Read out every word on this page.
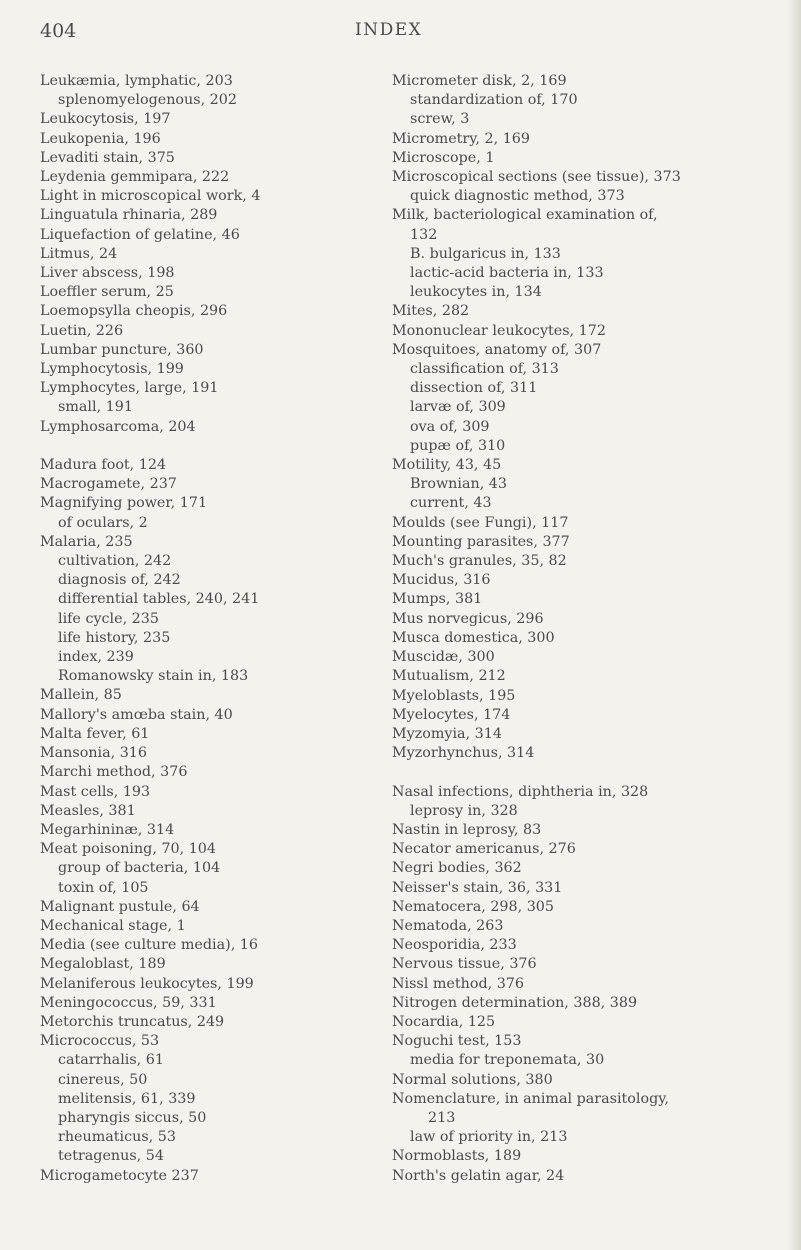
404	INDEX
Leukæmia, lymphatic, 203
splenomyelogenous, 202
Leukocytosis, 197
Leukopenia, 196
Levaditi stain, 375
Leydenia gemmipara, 222
Light in microscopical work, 4
Linguatula rhinaria, 289
Liquefaction of gelatine, 46
Litmus, 24
Liver abscess, 198
Loeffler serum, 25
Loemopsylla cheopis, 296
Luetin, 226
Lumbar puncture, 360
Lymphocytosis, 199
Lymphocytes, large, 191
small, 191
Lymphosarcoma, 204
Madura foot, 124
Macrogamete, 237
Magnifying power, 171
of oculars, 2
Malaria, 235
cultivation, 242
diagnosis of, 242
differential tables, 240, 241
life cycle, 235
life history, 235
index, 239
Romanowsky stain in, 183
Mallein, 85
Mallory's amœba stain, 40
Malta fever, 61
Mansonia, 316
Marchi method, 376
Mast cells, 193
Measles, 381
Megarhininæ, 314
Meat poisoning, 70, 104
group of bacteria, 104
toxin of, 105
Malignant pustule, 64
Mechanical stage, 1
Media (see culture media), 16
Megaloblast, 189
Melaniferous leukocytes, 199
Meningococcus, 59, 331
Metorchis truncatus, 249
Micrococcus, 53
catarrhalis, 61
cinereus, 50
melitensis, 61, 339
pharyngis siccus, 50
rheumaticus, 53
tetragenus, 54
Microgametocyte 237
Micrometer disk, 2, 169
standardization of, 170
screw, 3
Micrometry, 2, 169
Microscope, 1
Microscopical sections (see tissue), 373
quick diagnostic method, 373
Milk, bacteriological examination of,
132
B. bulgaricus in, 133
lactic-acid bacteria in, 133
leukocytes in, 134
Mites, 282
Mononuclear leukocytes, 172
Mosquitoes, anatomy of, 307
classification of, 313
dissection of, 311
larvæ of, 309
ova of, 309
pupæ of, 310
Motility, 43, 45
Brownian, 43
current, 43
Moulds (see Fungi), 117
Mounting parasites, 377
Much's granules, 35, 82
Mucidus, 316
Mumps, 381
Mus norvegicus, 296
Musca domestica, 300
Muscidæ, 300
Mutualism, 212
Myeloblasts, 195
Myelocytes, 174
Myzomyia, 314
Myzorhynchus, 314
Nasal infections, diphtheria in, 328
leprosy in, 328
Nastin in leprosy, 83
Necator americanus, 276
Negri bodies, 362
Neisser's stain, 36, 331
Nematocera, 298, 305
Nematoda, 263
Neosporidia, 233
Nervous tissue, 376
Nissl method, 376
Nitrogen determination, 388, 389
Nocardia, 125
Noguchi test, 153
media for treponemata, 30
Normal solutions, 380
Nomenclature, in animal parasitology,
213
law of priority in, 213
Normoblasts, 189
North's gelatin agar, 24
